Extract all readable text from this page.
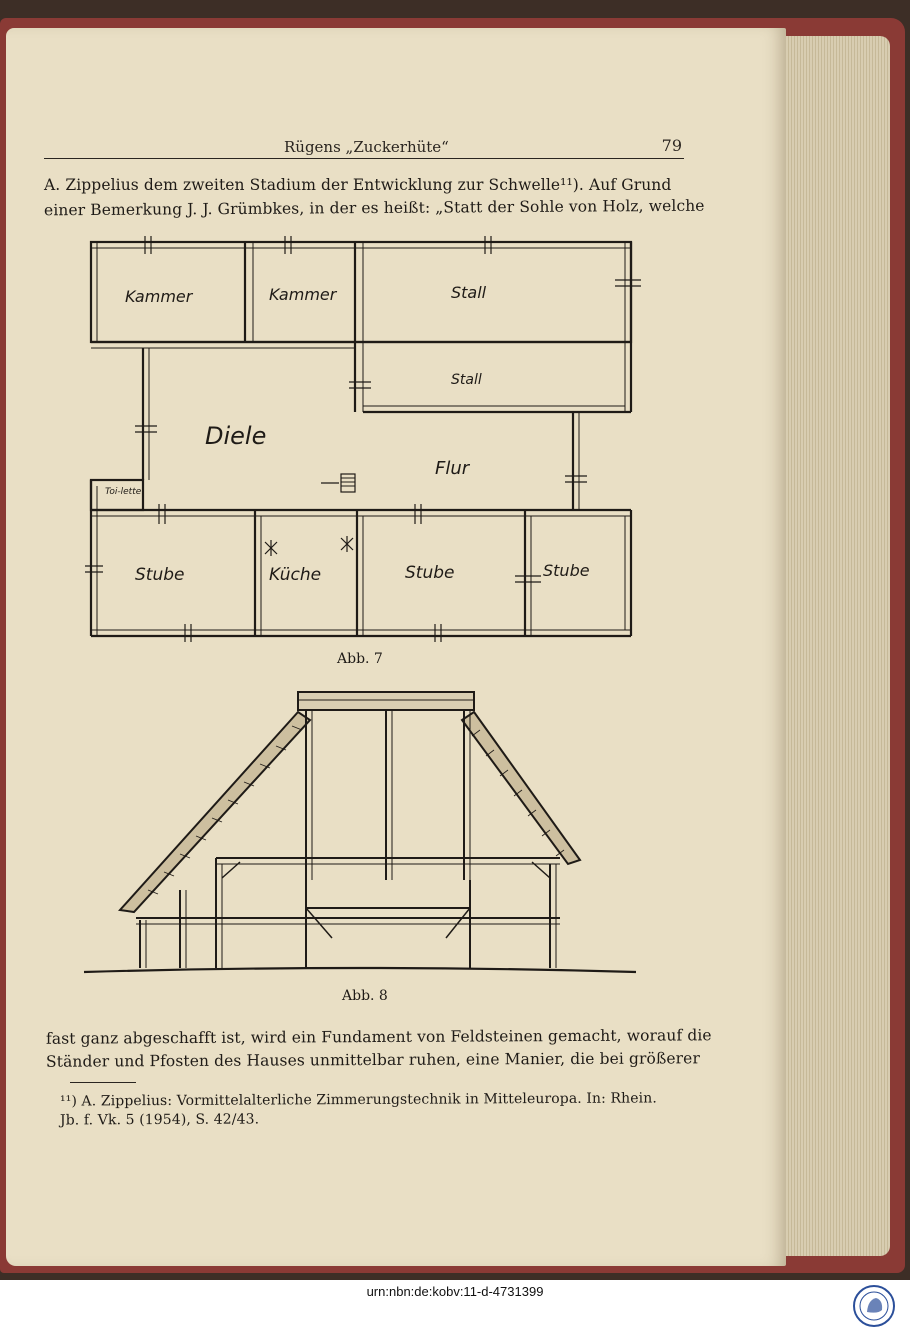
Rügens „Zuckerhüte“	79
A. Zippelius dem zweiten Stadium der Entwicklung zur Schwelle¹¹). Auf Grund
einer Bemerkung J. J. Grümbkes, in der es heißt: „Statt der Sohle von Holz, welche
Kammer	Kammer	Stall
Stall
Diele
Flur
Toi-lette
Stube	Küche	Stube	Stube
Abb. 7
Abb. 8
fast ganz abgeschafft ist, wird ein Fundament von Feldsteinen gemacht, worauf die
Ständer und Pfosten des Hauses unmittelbar ruhen, eine Manier, die bei größerer
¹¹) A. Zippelius: Vormittelalterliche Zimmerungstechnik in Mitteleuropa. In: Rhein.
Jb. f. Vk. 5 (1954), S. 42/43.
urn:nbn:de:kobv:11-d-4731399
